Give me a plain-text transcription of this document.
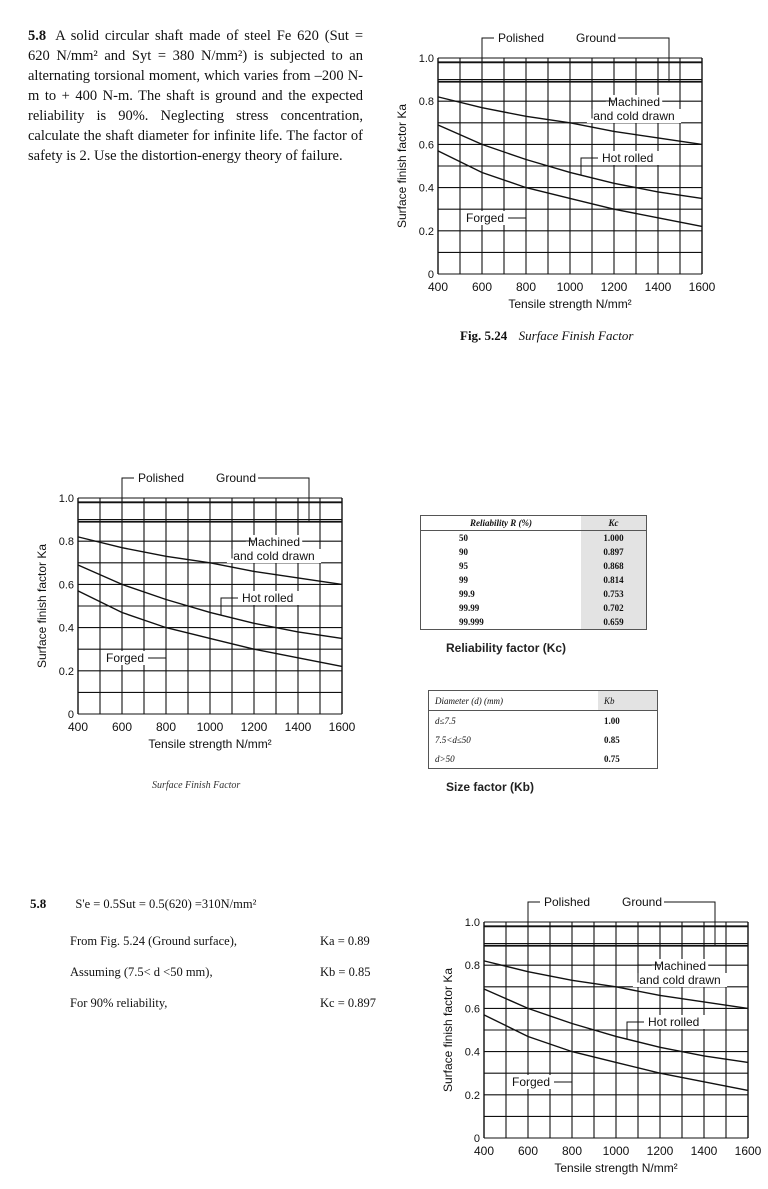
5.8 A solid circular shaft made of steel Fe 620 (Sut = 620 N/mm² and Syt = 380 N/mm²) is subjected to an alternating torsional moment, which varies from –200 N-m to + 400 N-m. The shaft is ground and the expected reliability is 90%. Neglecting stress concentration, calculate the shaft diameter for infinite life. The factor of safety is 2. Use the distortion-energy theory of failure.
400 600 800 1000 1200 1400 1600
0
0.2
0.4
0.6
0.8
1.0
Tensile strength N/mm²
Surface finish factor Ka
Polished	Ground
Machined
and cold drawn
Hot rolled
Forged
Fig. 5.24 Surface Finish Factor
400 600 800 1000 1200 1400 1600
0
0.2
0.4
0.6
0.8
1.0
Tensile strength N/mm²
Surface finish factor Ka
Polished	Ground
Machined
and cold drawn
Hot rolled
Forged
Surface Finish Factor
Reliability R (%)	Kc
50	1.000
90	0.897
95	0.868
99	0.814
99.9	0.753
99.99	0.702
99.999	0.659
Reliability factor (Kc)
Diameter (d) (mm)	Kb
d≤7.5	1.00
7.5<d≤50	0.85
d>50	0.75
Size factor (Kb)
5.8 S'e = 0.5Sut = 0.5(620) =310N/mm²
From Fig. 5.24 (Ground surface),	Ka = 0.89
Assuming (7.5< d <50 mm),	Kb = 0.85
For 90% reliability,	Kc = 0.897
400 600 800 1000 1200 1400 1600
0
0.2
0.4
0.6
0.8
1.0
Tensile strength N/mm²
Surface finish factor Ka
Polished	Ground
Machined
and cold drawn
Hot rolled
Forged
